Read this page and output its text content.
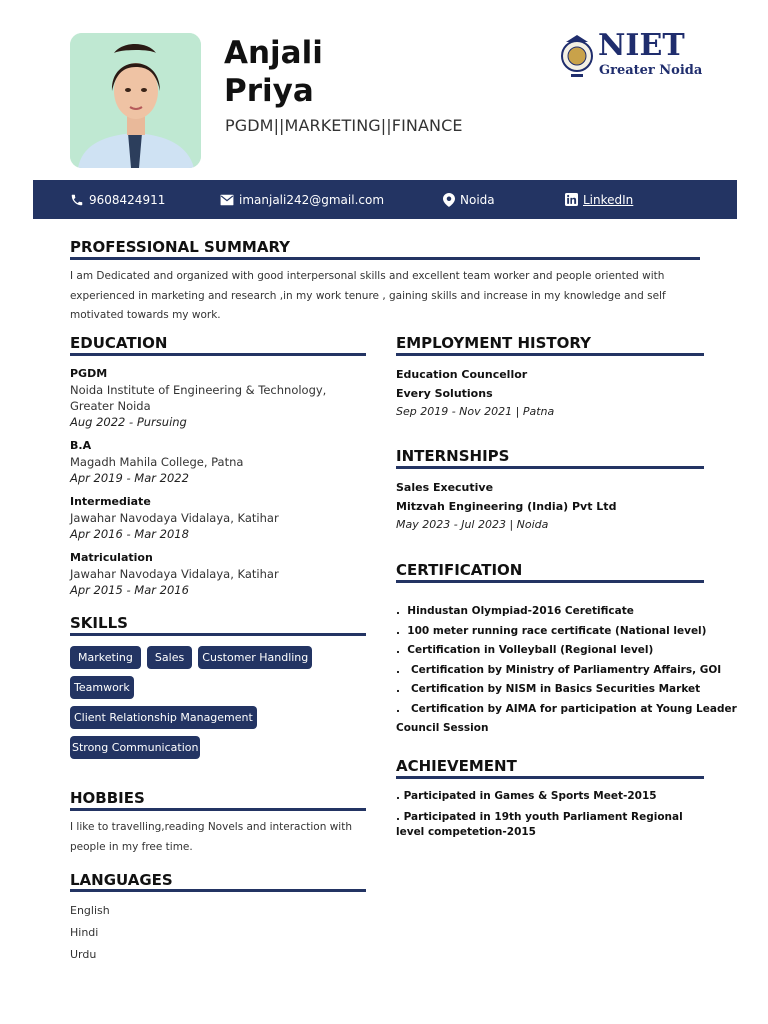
Anjali
Priya
PGDM||MARKETING||FINANCE
NIET
Greater Noida
9608424911	imanjali242@gmail.com	Noida	LinkedIn
PROFESSIONAL SUMMARY
I am Dedicated and organized with good interpersonal skills and excellent team worker and people oriented with experienced in marketing and research ,in my work tenure , gaining skills and increase in my knowledge and self motivated towards my work.
EDUCATION
PGDM
Noida Institute of Engineering & Technology, Greater Noida
Aug 2022 - Pursuing
B.A
Magadh Mahila College, Patna
Apr 2019 - Mar 2022
Intermediate
Jawahar Navodaya Vidalaya, Katihar
Apr 2016 - Mar 2018
Matriculation
Jawahar Navodaya Vidalaya, Katihar
Apr 2015 - Mar 2016
SKILLS
Marketing Sales Customer Handling
Teamwork
Client Relationship Management
Strong Communication
HOBBIES
I like to travelling,reading Novels and interaction with people in my free time.
LANGUAGES
English
Hindi
Urdu
EMPLOYMENT HISTORY
Education Councellor
Every Solutions
Sep 2019 - Nov 2021 | Patna
INTERNSHIPS
Sales Executive
Mitzvah Engineering (India) Pvt Ltd
May 2023 - Jul 2023 | Noida
CERTIFICATION
.  Hindustan Olympiad-2016 Ceretificate
.  100 meter running race certificate (National level)
.  Certification in Volleyball (Regional level)
.   Certification by Ministry of Parliamentry Affairs, GOI
.   Certification by NISM in Basics Securities Market
.   Certification by AIMA for participation at Young Leader
Council Session
ACHIEVEMENT
. Participated in Games & Sports Meet-2015
. Participated in 19th youth Parliament Regional level competetion-2015
